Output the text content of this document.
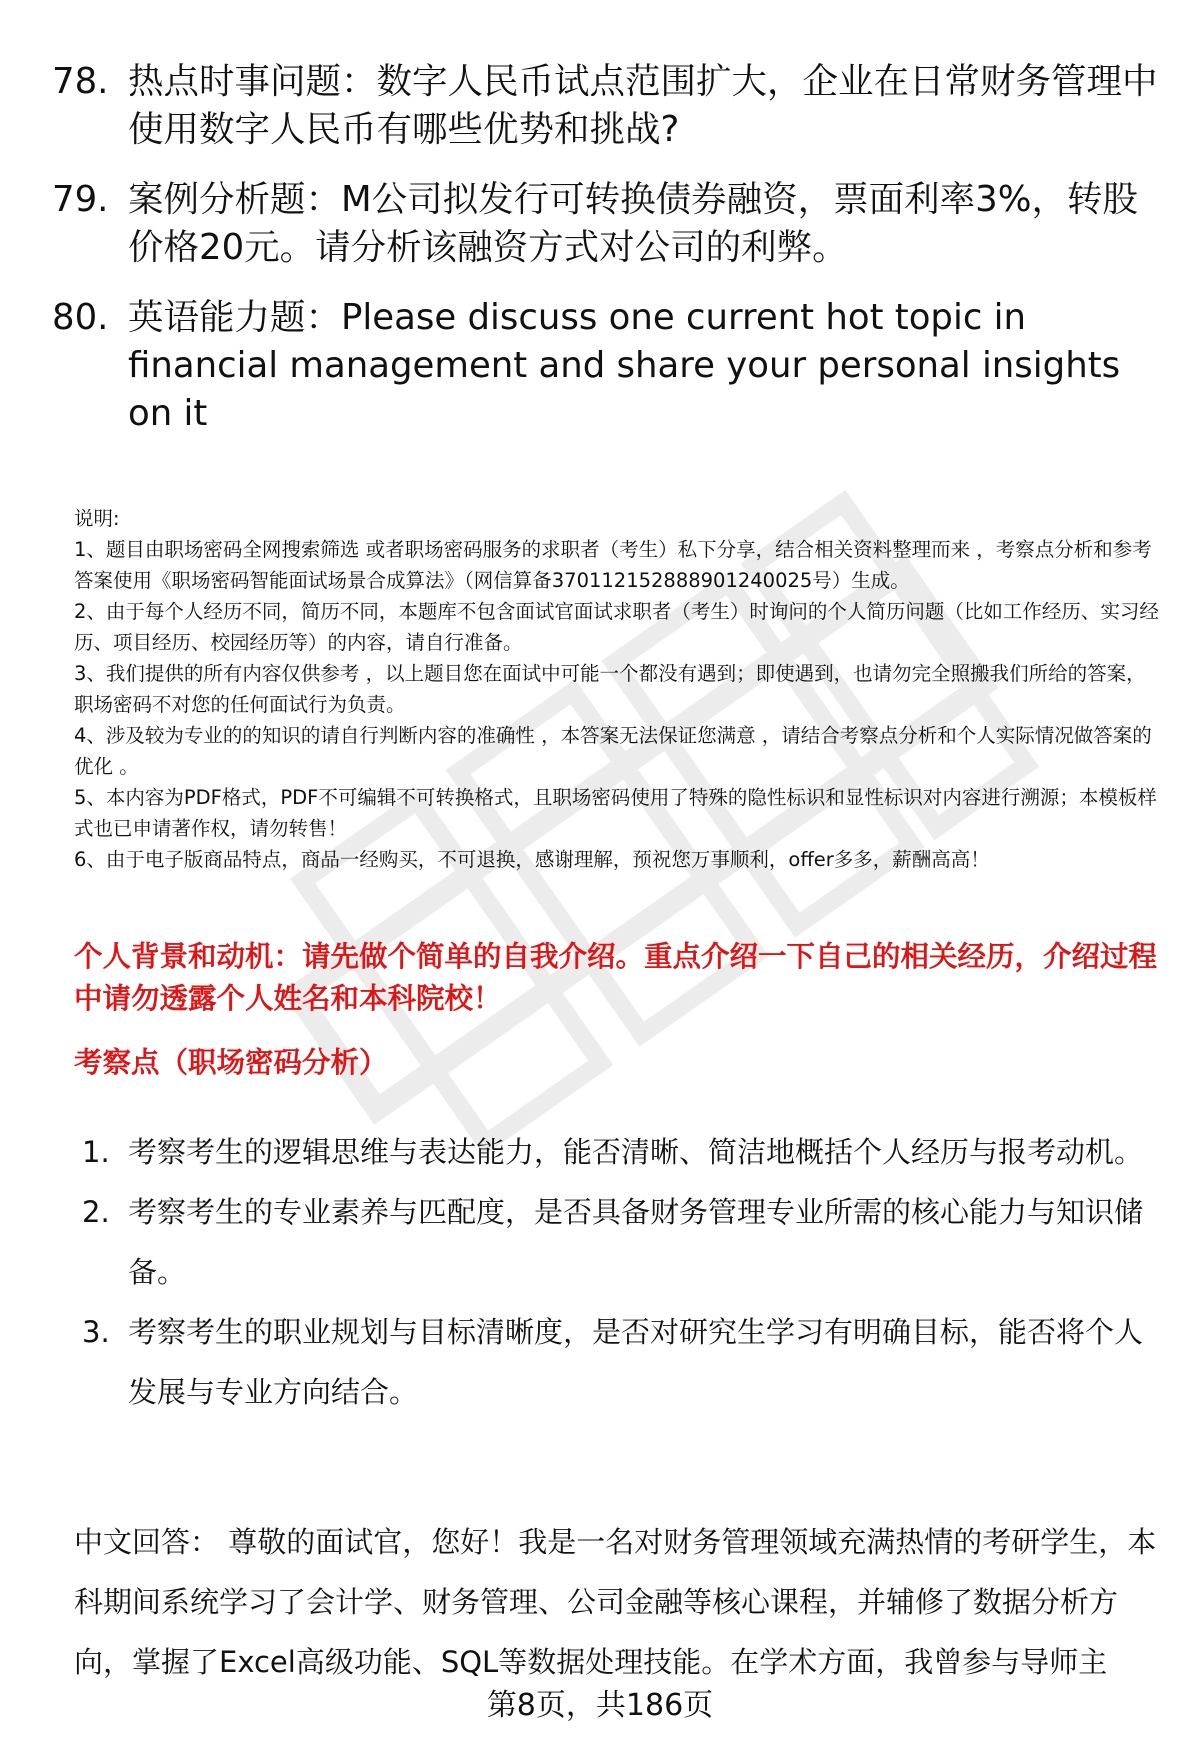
78. 热点时事问题：数字人民币试点范围扩大，企业在日常财务管理中使用数字人民币有哪些优势和挑战?
79. 案例分析题：M公司拟发行可转换债券融资，票面利率3%，转股价格20元。请分析该融资方式对公司的利弊。
80. 英语能力题：Please discuss one current hot topic in financial management and share your personal insights on it

说明:

1、题目由职场密码全网搜索筛选 或者职场密码服务的求职者（考生）私下分享，结合相关资料整理而来 ，考察点分析和参考答案使用《职场密码智能面试场景合成算法》（网信算备370112152888901240025号）生成。

2、由于每个人经历不同，简历不同，本题库不包含面试官面试求职者（考生）时询问的个人简历问题（比如工作经历、实习经历、项目经历、校园经历等）的内容，请自行准备。

3、我们提供的所有内容仅供参考 ，以上题目您在面试中可能一个都没有遇到；即使遇到，也请勿完全照搬我们所给的答案，职场密码不对您的任何面试行为负责。

4、涉及较为专业的的知识的请自行判断内容的准确性 ，本答案无法保证您满意 ，请结合考察点分析和个人实际情况做答案的优化 。

5、本内容为PDF格式，PDF不可编辑不可转换格式，且职场密码使用了特殊的隐性标识和显性标识对内容进行溯源；本模板样式也已申请著作权，请勿转售！

6、由于电子版商品特点，商品一经购买，不可退换，感谢理解，预祝您万事顺利，offer多多，薪酬高高！

个人背景和动机：请先做个简单的自我介绍。重点介绍一下自己的相关经历，介绍过程中请勿透露个人姓名和本科院校！
考察点（职场密码分析）
1. 考察考生的逻辑思维与表达能力，能否清晰、简洁地概括个人经历与报考动机。
2. 考察考生的专业素养与匹配度，是否具备财务管理专业所需的核心能力与知识储备。
3. 考察考生的职业规划与目标清晰度，是否对研究生学习有明确目标，能否将个人发展与专业方向结合。
中文回答： 尊敬的面试官，您好！我是一名对财务管理领域充满热情的考研学生，本科期间系统学习了会计学、财务管理、公司金融等核心课程，并辅修了数据分析方向，掌握了Excel高级功能、SQL等数据处理技能。在学术方面，我曾参与导师主
第8页，共186页
